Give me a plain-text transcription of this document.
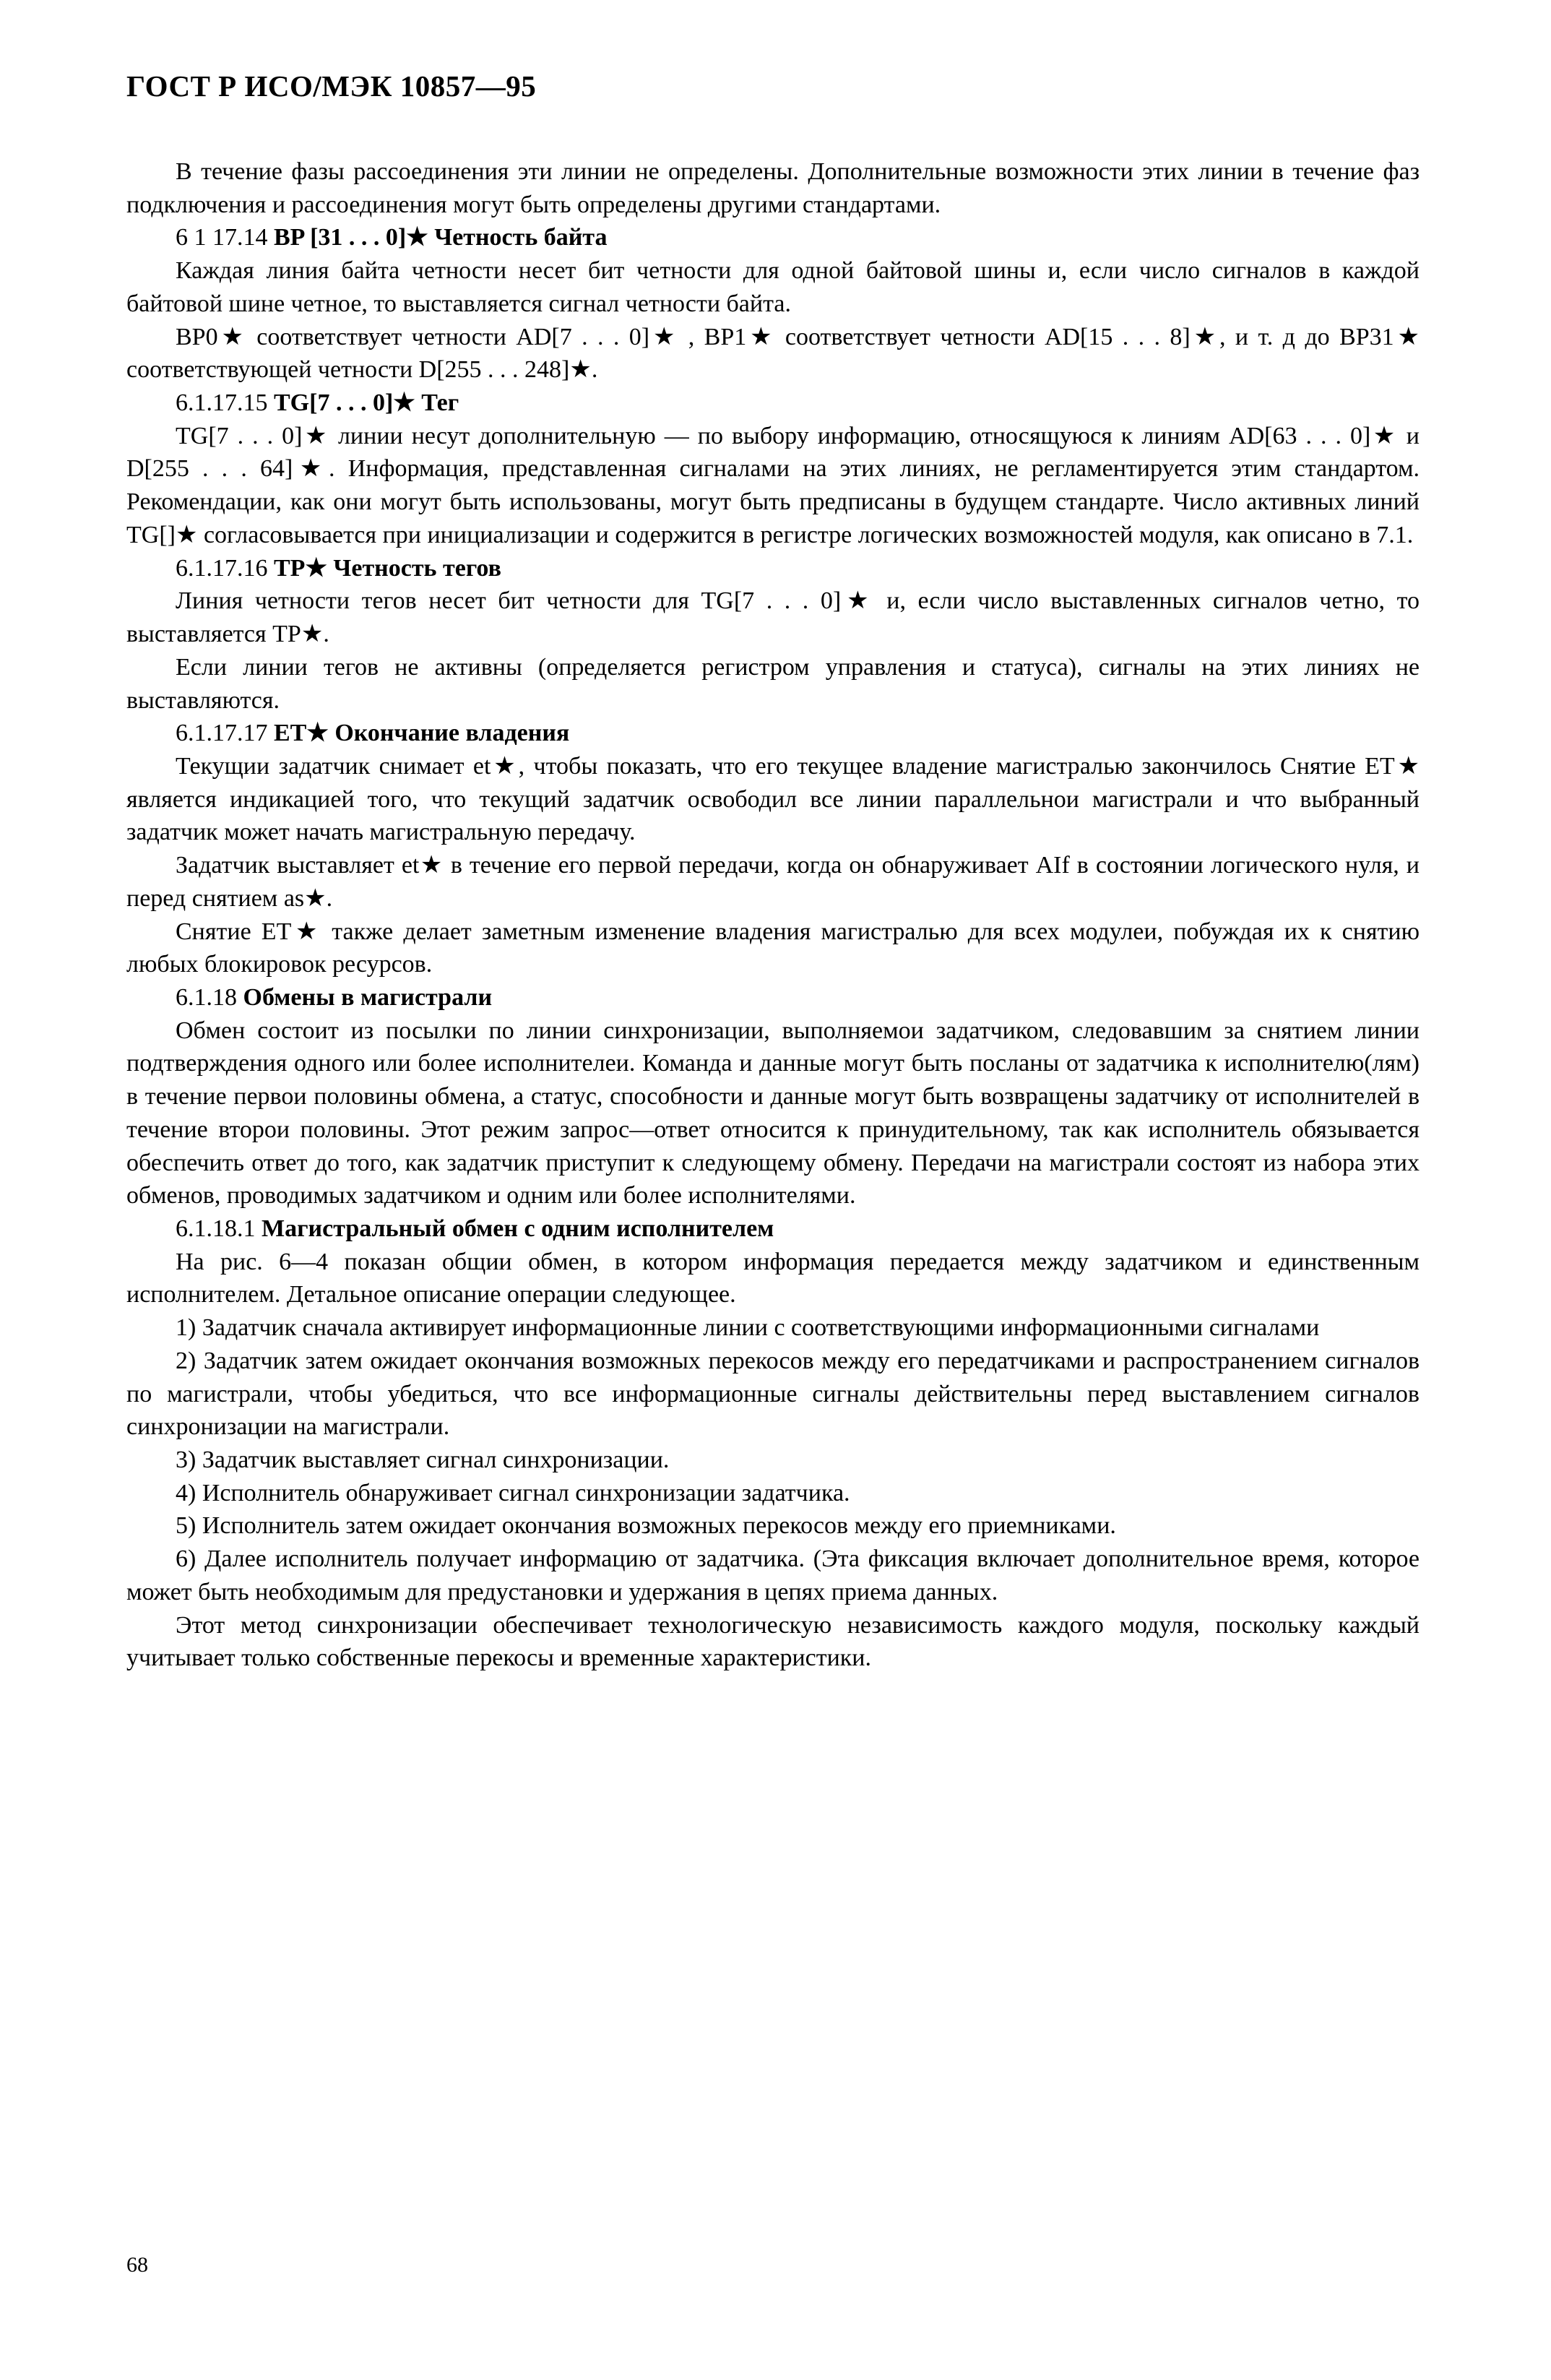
ГОСТ Р ИСО/МЭК 10857—95

В течение фазы рассоединения эти линии не определены. Дополнительные возможности этих линии в течение фаз подключения и рассоединения могут быть определены другими стандартами.

6 1 17.14 BP [31 . . . 0]★ Четность байта

Каждая линия байта четности несет бит четности для одной байтовой шины и, если число сигналов в каждой байтовой шине четное, то выставляется сигнал четности байта.

BP0★ соответствует четности AD[7 . . . 0]★ , BP1★ соответствует четности AD[15 . . . 8]★, и т. д до BP31★ соответствующей четности D[255 . . . 248]★.

6.1.17.15 TG[7 . . . 0]★ Тег

TG[7 . . . 0]★ линии несут дополнительную — по выбору информацию, относящуюся к линиям AD[63 . . . 0]★ и D[255 . . . 64]★. Информация, представленная сигналами на этих линиях, не регламентируется этим стандартом. Рекомендации, как они могут быть использованы, могут быть предписаны в будущем стандарте. Число активных линий TG[]★ согласовывается при инициализации и содержится в регистре логических возможностей модуля, как описано в 7.1.

6.1.17.16 TP★ Четность тегов

Линия четности тегов несет бит четности для TG[7 . . . 0]★ и, если число выставленных сигналов четно, то выставляется TP★.

Если линии тегов не активны (определяется регистром управления и статуса), сигналы на этих линиях не выставляются.

6.1.17.17 ET★ Окончание владения

Текущии задатчик снимает et★, чтобы показать, что его текущее владение магистралью закончилось Снятие ЕТ★ является индикацией того, что текущий задатчик освободил все линии параллельнои магистрали и что выбранный задатчик может начать магистральную передачу.

Задатчик выставляет et★ в течение его первой передачи, когда он обнаруживает AIf в состоянии логического нуля, и перед снятием as★.

Снятие ЕТ★ также делает заметным изменение владения магистралью для всех модулеи, побуждая их к снятию любых блокировок ресурсов.

6.1.18 Обмены в магистрали

Обмен состоит из посылки по линии синхронизации, выполняемои задатчиком, следовавшим за снятием линии подтверждения одного или более исполнителеи. Команда и данные могут быть посланы от задатчика к исполнителю(лям) в течение первои половины обмена, а статус, способности и данные могут быть возвращены задатчику от исполнителей в течение второи половины. Этот режим запрос—ответ относится к принудительному, так как исполнитель обязывается обеспечить ответ до того, как задатчик приступит к следующему обмену. Передачи на магистрали состоят из набора этих обменов, проводимых задатчиком и одним или более исполнителями.

6.1.18.1 Магистральный обмен с одним исполнителем

На рис. 6—4 показан общии обмен, в котором информация передается между задатчиком и единственным исполнителем. Детальное описание операции следующее.

1) Задатчик сначала активирует информационные линии с соответствующими информационными сигналами

2) Задатчик затем ожидает окончания возможных перекосов между его передатчиками и распространением сигналов по магистрали, чтобы убедиться, что все информационные сигналы действительны перед выставлением сигналов синхронизации на магистрали.

3) Задатчик выставляет сигнал синхронизации.

4) Исполнитель обнаруживает сигнал синхронизации задатчика.

5) Исполнитель затем ожидает окончания возможных перекосов между его приемниками.

6) Далее исполнитель получает информацию от задатчика. (Эта фиксация включает дополнительное время, которое может быть необходимым для предустановки и удержания в цепях приема данных.

Этот метод синхронизации обеспечивает технологическую независимость каждого модуля, поскольку каждый учитывает только собственные перекосы и временные характеристики.

68
